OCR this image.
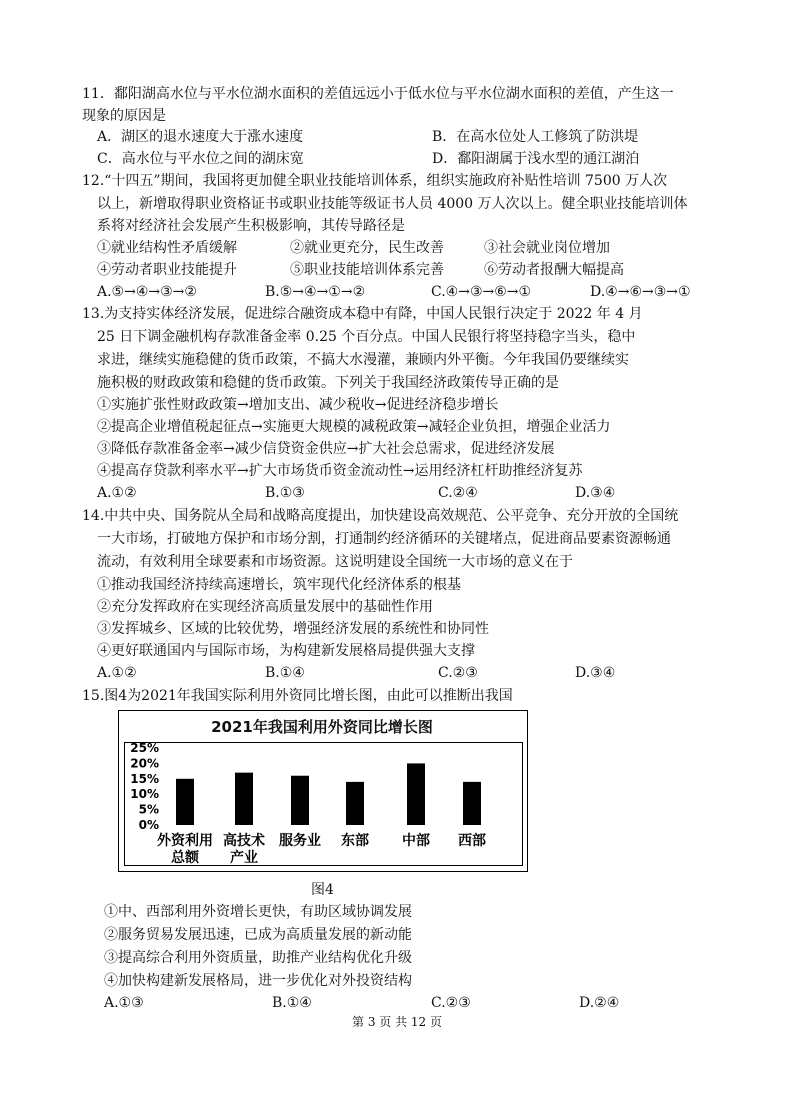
11．鄱阳湖高水位与平水位湖水面积的差值远远小于低水位与平水位湖水面积的差值，产生这一
现象的原因是
A．湖区的退水速度大于涨水速度	B．在高水位处人工修筑了防洪堤
C．高水位与平水位之间的湖床宽	D．鄱阳湖属于浅水型的通江湖泊
12.“十四五”期间，我国将更加健全职业技能培训体系，组织实施政府补贴性培训 7500 万人次
以上，新增取得职业资格证书或职业技能等级证书人员 4000 万人次以上。健全职业技能培训体
系将对经济社会发展产生积极影响，其传导路径是
①就业结构性矛盾缓解	②就业更充分，民生改善	③社会就业岗位增加
④劳动者职业技能提升	⑤职业技能培训体系完善	⑥劳动者报酬大幅提高
A.⑤→④→③→②	B.⑤→④→①→②	C.④→③→⑥→①	D.④→⑥→③→①
13.为支持实体经济发展，促进综合融资成本稳中有降，中国人民银行决定于 2022 年 4 月
25 日下调金融机构存款准备金率 0.25 个百分点。中国人民银行将坚持稳字当头，稳中
求进，继续实施稳健的货币政策，不搞大水漫灌，兼顾内外平衡。今年我国仍要继续实
施积极的财政政策和稳健的货币政策。下列关于我国经济政策传导正确的是
①实施扩张性财政政策→增加支出、减少税收→促进经济稳步增长
②提高企业增值税起征点→实施更大规模的减税政策→减轻企业负担，增强企业活力
③降低存款准备金率→减少信贷资金供应→扩大社会总需求，促进经济发展
④提高存贷款利率水平→扩大市场货币资金流动性→运用经济杠杆助推经济复苏
A.①②	B.①③	C.②④	D.③④
14.中共中央、国务院从全局和战略高度提出，加快建设高效规范、公平竞争、充分开放的全国统
一大市场，打破地方保护和市场分割，打通制约经济循环的关键堵点，促进商品要素资源畅通
流动，有效利用全球要素和市场资源。这说明建设全国统一大市场的意义在于
①推动我国经济持续高速增长，筑牢现代化经济体系的根基
②充分发挥政府在实现经济高质量发展中的基础性作用
③发挥城乡、区域的比较优势，增强经济发展的系统性和协同性
④更好联通国内与国际市场，为构建新发展格局提供强大支撑
A.①②	B.①④	C.②③	D.③④
15.图4为2021年我国实际利用外资同比增长图，由此可以推断出我国
2021年我国利用外资同比增长图
25%
20%
15%
10%
5%
0%
外资利用
总额
高技术
产业
服务业 东部 中部 西部
图4
①中、西部利用外资增长更快，有助区域协调发展
②服务贸易发展迅速，已成为高质量发展的新动能
③提高综合利用外资质量，助推产业结构优化升级
④加快构建新发展格局，进一步优化对外投资结构
A.①③	B.①④	C.②③	D.②④
第 3 页 共 12 页
